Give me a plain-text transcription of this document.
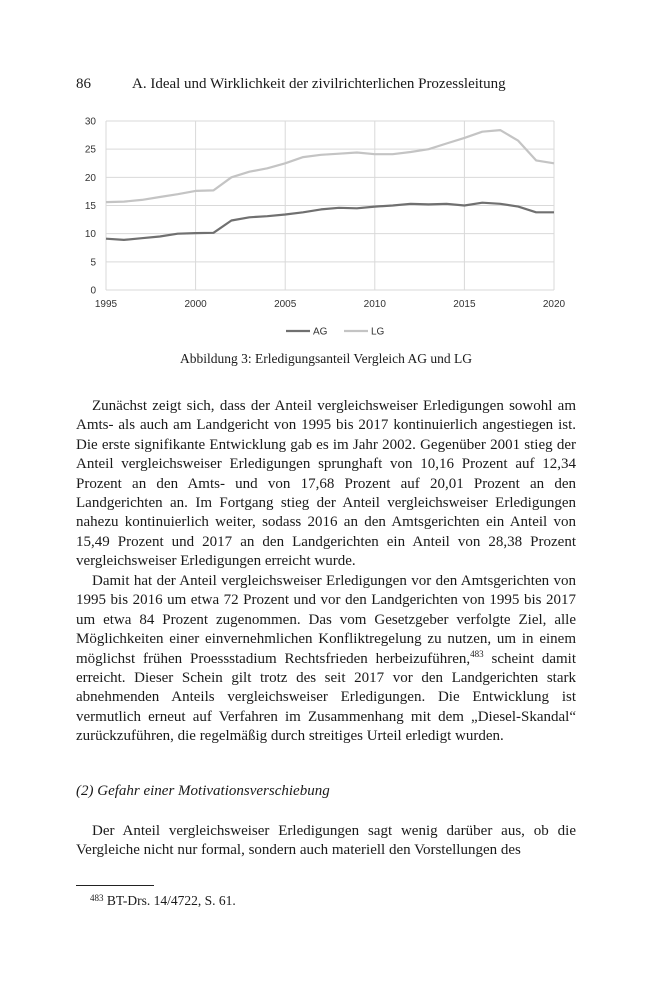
86	A. Ideal und Wirklichkeit der zivilrichterlichen Prozessleitung
0
5
10
15
20
25
30
1995	2000	2005	2010	2015	2020
AG	LG
Abbildung 3: Erledigungsanteil Vergleich AG und LG

Zunächst zeigt sich, dass der Anteil vergleichsweiser Erledigungen sowohl am Amts- als auch am Landgericht von 1995 bis 2017 kontinuierlich angestiegen ist. Die erste signifikante Entwicklung gab es im Jahr 2002. Gegenüber 2001 stieg der Anteil vergleichsweiser Erledigungen sprunghaft von 10,16 Prozent auf 12,34 Prozent an den Amts- und von 17,68 Prozent auf 20,01 Prozent an den Landgerichten an. Im Fortgang stieg der Anteil vergleichsweiser Erledigungen nahezu kontinuierlich weiter, sodass 2016 an den Amtsgerichten ein Anteil von 15,49 Prozent und 2017 an den Landgerichten ein Anteil von 28,38 Prozent vergleichsweiser Erledigungen erreicht wurde.

Damit hat der Anteil vergleichsweiser Erledigungen vor den Amtsgerichten von 1995 bis 2016 um etwa 72 Prozent und vor den Landgerichten von 1995 bis 2017 um etwa 84 Prozent zugenommen. Das vom Gesetzgeber verfolgte Ziel, alle Möglichkeiten einer einvernehmlichen Konfliktregelung zu nutzen, um in einem möglichst frühen Proessstadium Rechtsfrieden herbeizuführen,$^{483}$ scheint damit erreicht. Dieser Schein gilt trotz des seit 2017 vor den Landgerichten stark abnehmenden Anteils vergleichsweiser Erledigungen. Die Entwicklung ist vermutlich erneut auf Verfahren im Zusammenhang mit dem „Diesel-Skandal“ zurückzuführen, die regelmäßig durch streitiges Urteil erledigt wurden.

(2) Gefahr einer Motivationsverschiebung

Der Anteil vergleichsweiser Erledigungen sagt wenig darüber aus, ob die Vergleiche nicht nur formal, sondern auch materiell den Vorstellungen des

$^{483}$ BT-Drs. 14/4722, S. 61.
